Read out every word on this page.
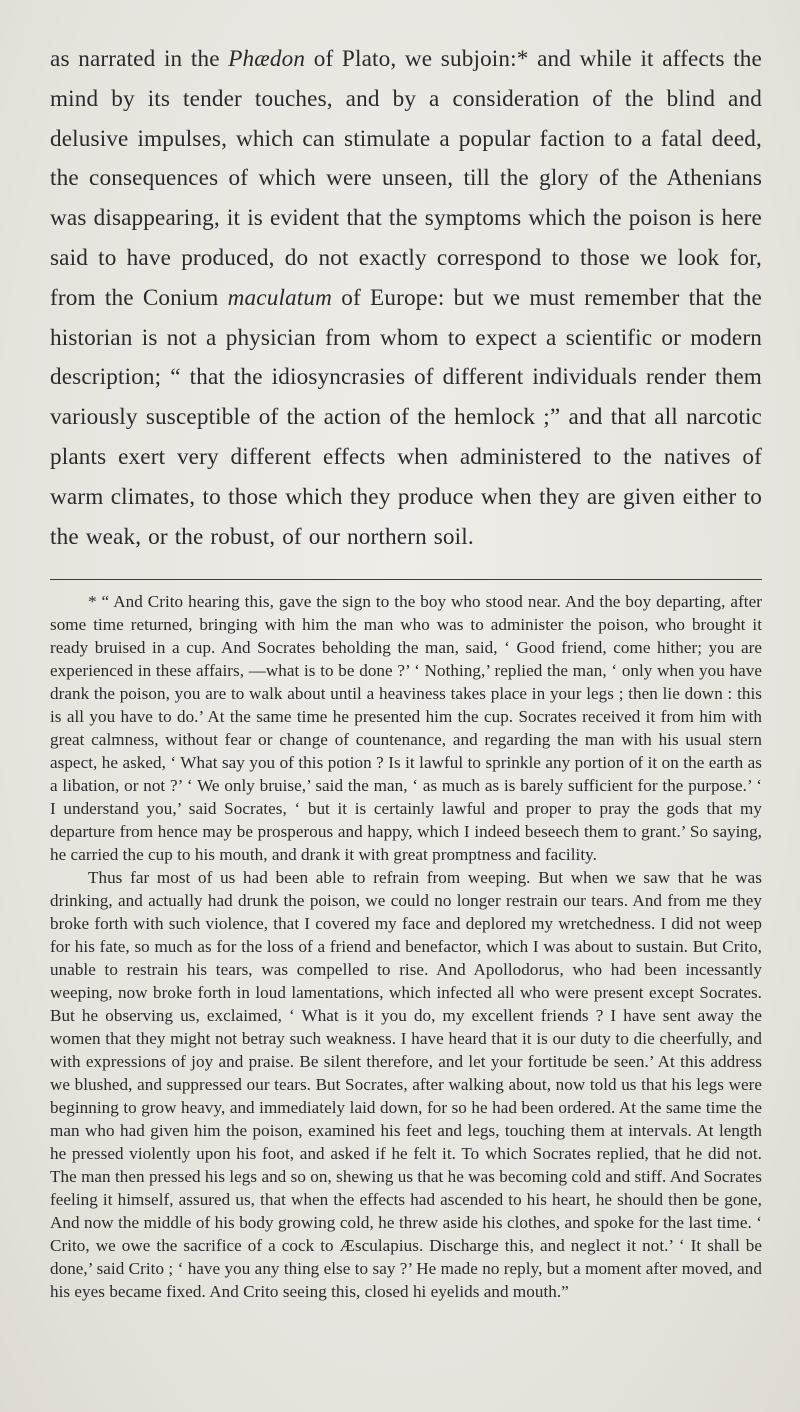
as narrated in the Phædon of Plato, we subjoin:* and while it affects the mind by its tender touches, and by a consideration of the blind and delusive impulses, which can stimulate a popular faction to a fatal deed, the consequences of which were unseen, till the glory of the Athenians was disappearing, it is evident that the symptoms which the poison is here said to have produced, do not exactly correspond to those we look for, from the Conium maculatum of Europe: but we must remember that the historian is not a physician from whom to expect a scientific or modern description; “ that the idiosyncrasies of different individuals render them variously susceptible of the action of the hemlock ;” and that all narcotic plants exert very different effects when administered to the natives of warm climates, to those which they produce when they are given either to the weak, or the robust, of our northern soil.

* “ And Crito hearing this, gave the sign to the boy who stood near. And the boy departing, after some time returned, bringing with him the man who was to administer the poison, who brought it ready bruised in a cup. And Socrates beholding the man, said, ‘ Good friend, come hither; you are experienced in these affairs, —what is to be done ?’ ‘ Nothing,’ replied the man, ‘ only when you have drank the poison, you are to walk about until a heaviness takes place in your legs ; then lie down : this is all you have to do.’ At the same time he presented him the cup. Socrates received it from him with great calmness, without fear or change of countenance, and regarding the man with his usual stern aspect, he asked, ‘ What say you of this potion ? Is it lawful to sprinkle any portion of it on the earth as a libation, or not ?’ ‘ We only bruise,’ said the man, ‘ as much as is barely sufficient for the purpose.’ ‘ I understand you,’ said Socrates, ‘ but it is certainly lawful and proper to pray the gods that my departure from hence may be prosperous and happy, which I indeed beseech them to grant.’ So saying, he carried the cup to his mouth, and drank it with great promptness and facility.

Thus far most of us had been able to refrain from weeping. But when we saw that he was drinking, and actually had drunk the poison, we could no longer restrain our tears. And from me they broke forth with such violence, that I covered my face and deplored my wretchedness. I did not weep for his fate, so much as for the loss of a friend and benefactor, which I was about to sustain. But Crito, unable to restrain his tears, was compelled to rise. And Apollodorus, who had been incessantly weeping, now broke forth in loud lamentations, which infected all who were present except Socrates. But he observing us, exclaimed, ‘ What is it you do, my excellent friends ? I have sent away the women that they might not betray such weakness. I have heard that it is our duty to die cheerfully, and with expressions of joy and praise. Be silent therefore, and let your fortitude be seen.’ At this address we blushed, and suppressed our tears. But Socrates, after walking about, now told us that his legs were beginning to grow heavy, and immediately laid down, for so he had been ordered. At the same time the man who had given him the poison, examined his feet and legs, touching them at intervals. At length he pressed violently upon his foot, and asked if he felt it. To which Socrates replied, that he did not. The man then pressed his legs and so on, shewing us that he was becoming cold and stiff. And Socrates feeling it himself, assured us, that when the effects had ascended to his heart, he should then be gone, And now the middle of his body growing cold, he threw aside his clothes, and spoke for the last time. ‘ Crito, we owe the sacrifice of a cock to Æsculapius. Discharge this, and neglect it not.’ ‘ It shall be done,’ said Crito ; ‘ have you any thing else to say ?’ He made no reply, but a moment after moved, and his eyes became fixed. And Crito seeing this, closed hi eyelids and mouth.”
